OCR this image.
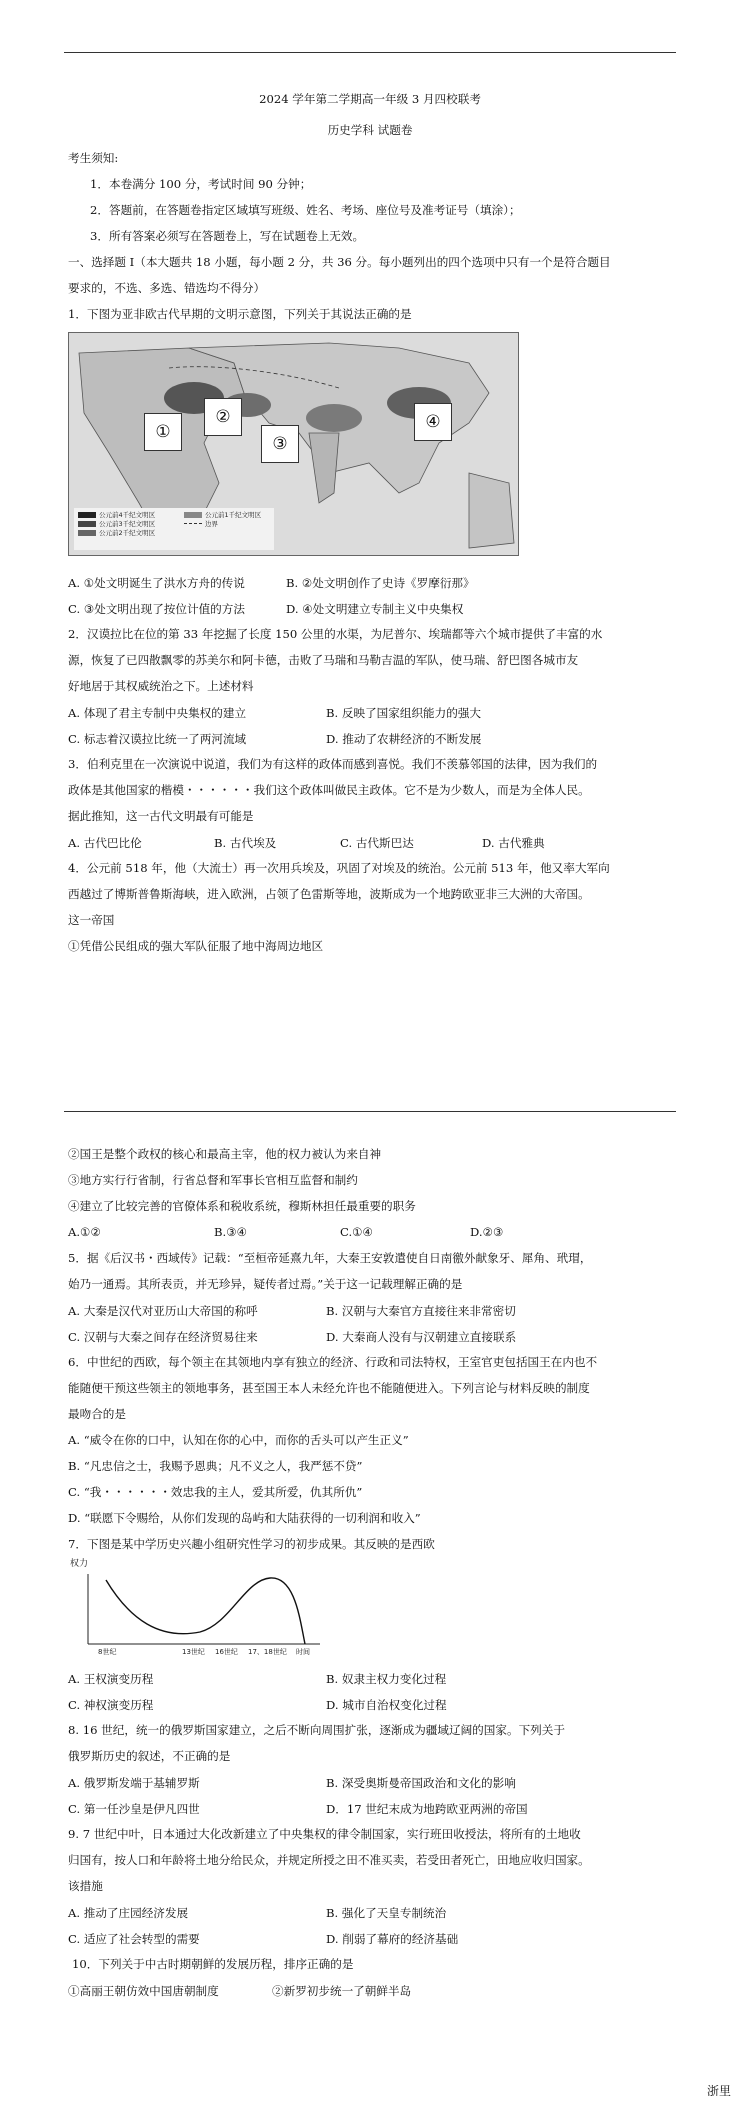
2024 学年第二学期高一年级 3 月四校联考
历史学科 试题卷
考生须知:
1．本卷满分 100 分，考试时间 90 分钟；
2．答题前，在答题卷指定区域填写班级、姓名、考场、座位号及准考证号（填涂）；
3．所有答案必须写在答题卷上，写在试题卷上无效。
一、选择题 I（本大题共 18 小题，每小题 2 分，共 36 分。每小题列出的四个选项中只有一个是符合题目
要求的，不选、多选、错选均不得分）
1．下图为亚非欧古代早期的文明示意图，下列关于其说法正确的是
①
②
③
④
公元前4千纪文明区
公元前3千纪文明区
公元前2千纪文明区
公元前1千纪文明区
边界
A. ①处文明诞生了洪水方舟的传说	B. ②处文明创作了史诗《罗摩衍那》
C. ③处文明出现了按位计值的方法	D. ④处文明建立专制主义中央集权
2．汉谟拉比在位的第 33 年挖掘了长度 150 公里的水渠，为尼普尔、埃瑞都等六个城市提供了丰富的水
源，恢复了已四散飘零的苏美尔和阿卡德，击败了马瑞和马勒吉温的军队，使马瑞、舒巴图各城市友
好地居于其权威统治之下。上述材料
A. 体现了君主专制中央集权的建立	B. 反映了国家组织能力的强大
C. 标志着汉谟拉比统一了两河流域	D. 推动了农耕经济的不断发展
3．伯利克里在一次演说中说道，我们为有这样的政体而感到喜悦。我们不羡慕邻国的法律，因为我们的
政体是其他国家的楷模・・・・・・我们这个政体叫做民主政体。它不是为少数人，而是为全体人民。
据此推知，这一古代文明最有可能是
A. 古代巴比伦	B. 古代埃及	C. 古代斯巴达	D. 古代雅典
4．公元前 518 年，他（大流士）再一次用兵埃及，巩固了对埃及的统治。公元前 513 年，他又率大军向
西越过了博斯普鲁斯海峡，进入欧洲，占领了色雷斯等地，波斯成为一个地跨欧亚非三大洲的大帝国。
这一帝国
①凭借公民组成的强大军队征服了地中海周边地区
②国王是整个政权的核心和最高主宰，他的权力被认为来自神
③地方实行行省制，行省总督和军事长官相互监督和制约
④建立了比较完善的官僚体系和税收系统，穆斯林担任最重要的职务
A.①②	B.③④	C.①④	D.②③
5．据《后汉书・西域传》记载：“至桓帝延熹九年，大秦王安敦遣使自日南徼外献象牙、犀角、玳瑁，
始乃一通焉。其所表贡，并无珍异，疑传者过焉。”关于这一记载理解正确的是
A. 大秦是汉代对亚历山大帝国的称呼	B. 汉朝与大秦官方直接往来非常密切
C. 汉朝与大秦之间存在经济贸易往来	D. 大秦商人没有与汉朝建立直接联系
6．中世纪的西欧，每个领主在其领地内享有独立的经济、行政和司法特权，王室官吏包括国王在内也不
能随便干预这些领主的领地事务，甚至国王本人未经允许也不能随便进入。下列言论与材料反映的制度
最吻合的是
A. “威令在你的口中，认知在你的心中，而你的舌头可以产生正义”
B. “凡忠信之士，我赐予恩典；凡不义之人，我严惩不贷”
C. “我・・・・・・效忠我的主人，爱其所爱，仇其所仇”
D. “联愿下令赐给，从你们发现的岛屿和大陆获得的一切利润和收入”
7．下图是某中学历史兴趣小组研究性学习的初步成果。其反映的是西欧
权力
8世纪	13世纪 16世纪 17、18世纪 时间
A. 王权演变历程	B. 奴隶主权力变化过程
C. 神权演变历程	D. 城市自治权变化过程
8. 16 世纪，统一的俄罗斯国家建立，之后不断向周围扩张，逐渐成为疆域辽阔的国家。下列关于
俄罗斯历史的叙述，不正确的是
A. 俄罗斯发端于基辅罗斯	B. 深受奥斯曼帝国政治和文化的影响
C. 第一任沙皇是伊凡四世	D．17 世纪末成为地跨欧亚两洲的帝国
9. 7 世纪中叶，日本通过大化改新建立了中央集权的律令制国家，实行班田收授法，将所有的土地收
归国有，按人口和年龄将土地分给民众，并规定所授之田不准买卖，若受田者死亡，田地应收归国家。
该措施
A. 推动了庄园经济发展	B. 强化了天皇专制统治
C. 适应了社会转型的需要	D. 削弱了幕府的经济基础
10．下列关于中古时期朝鲜的发展历程，排序正确的是
①高丽王朝仿效中国唐朝制度	②新罗初步统一了朝鲜半岛
浙里
